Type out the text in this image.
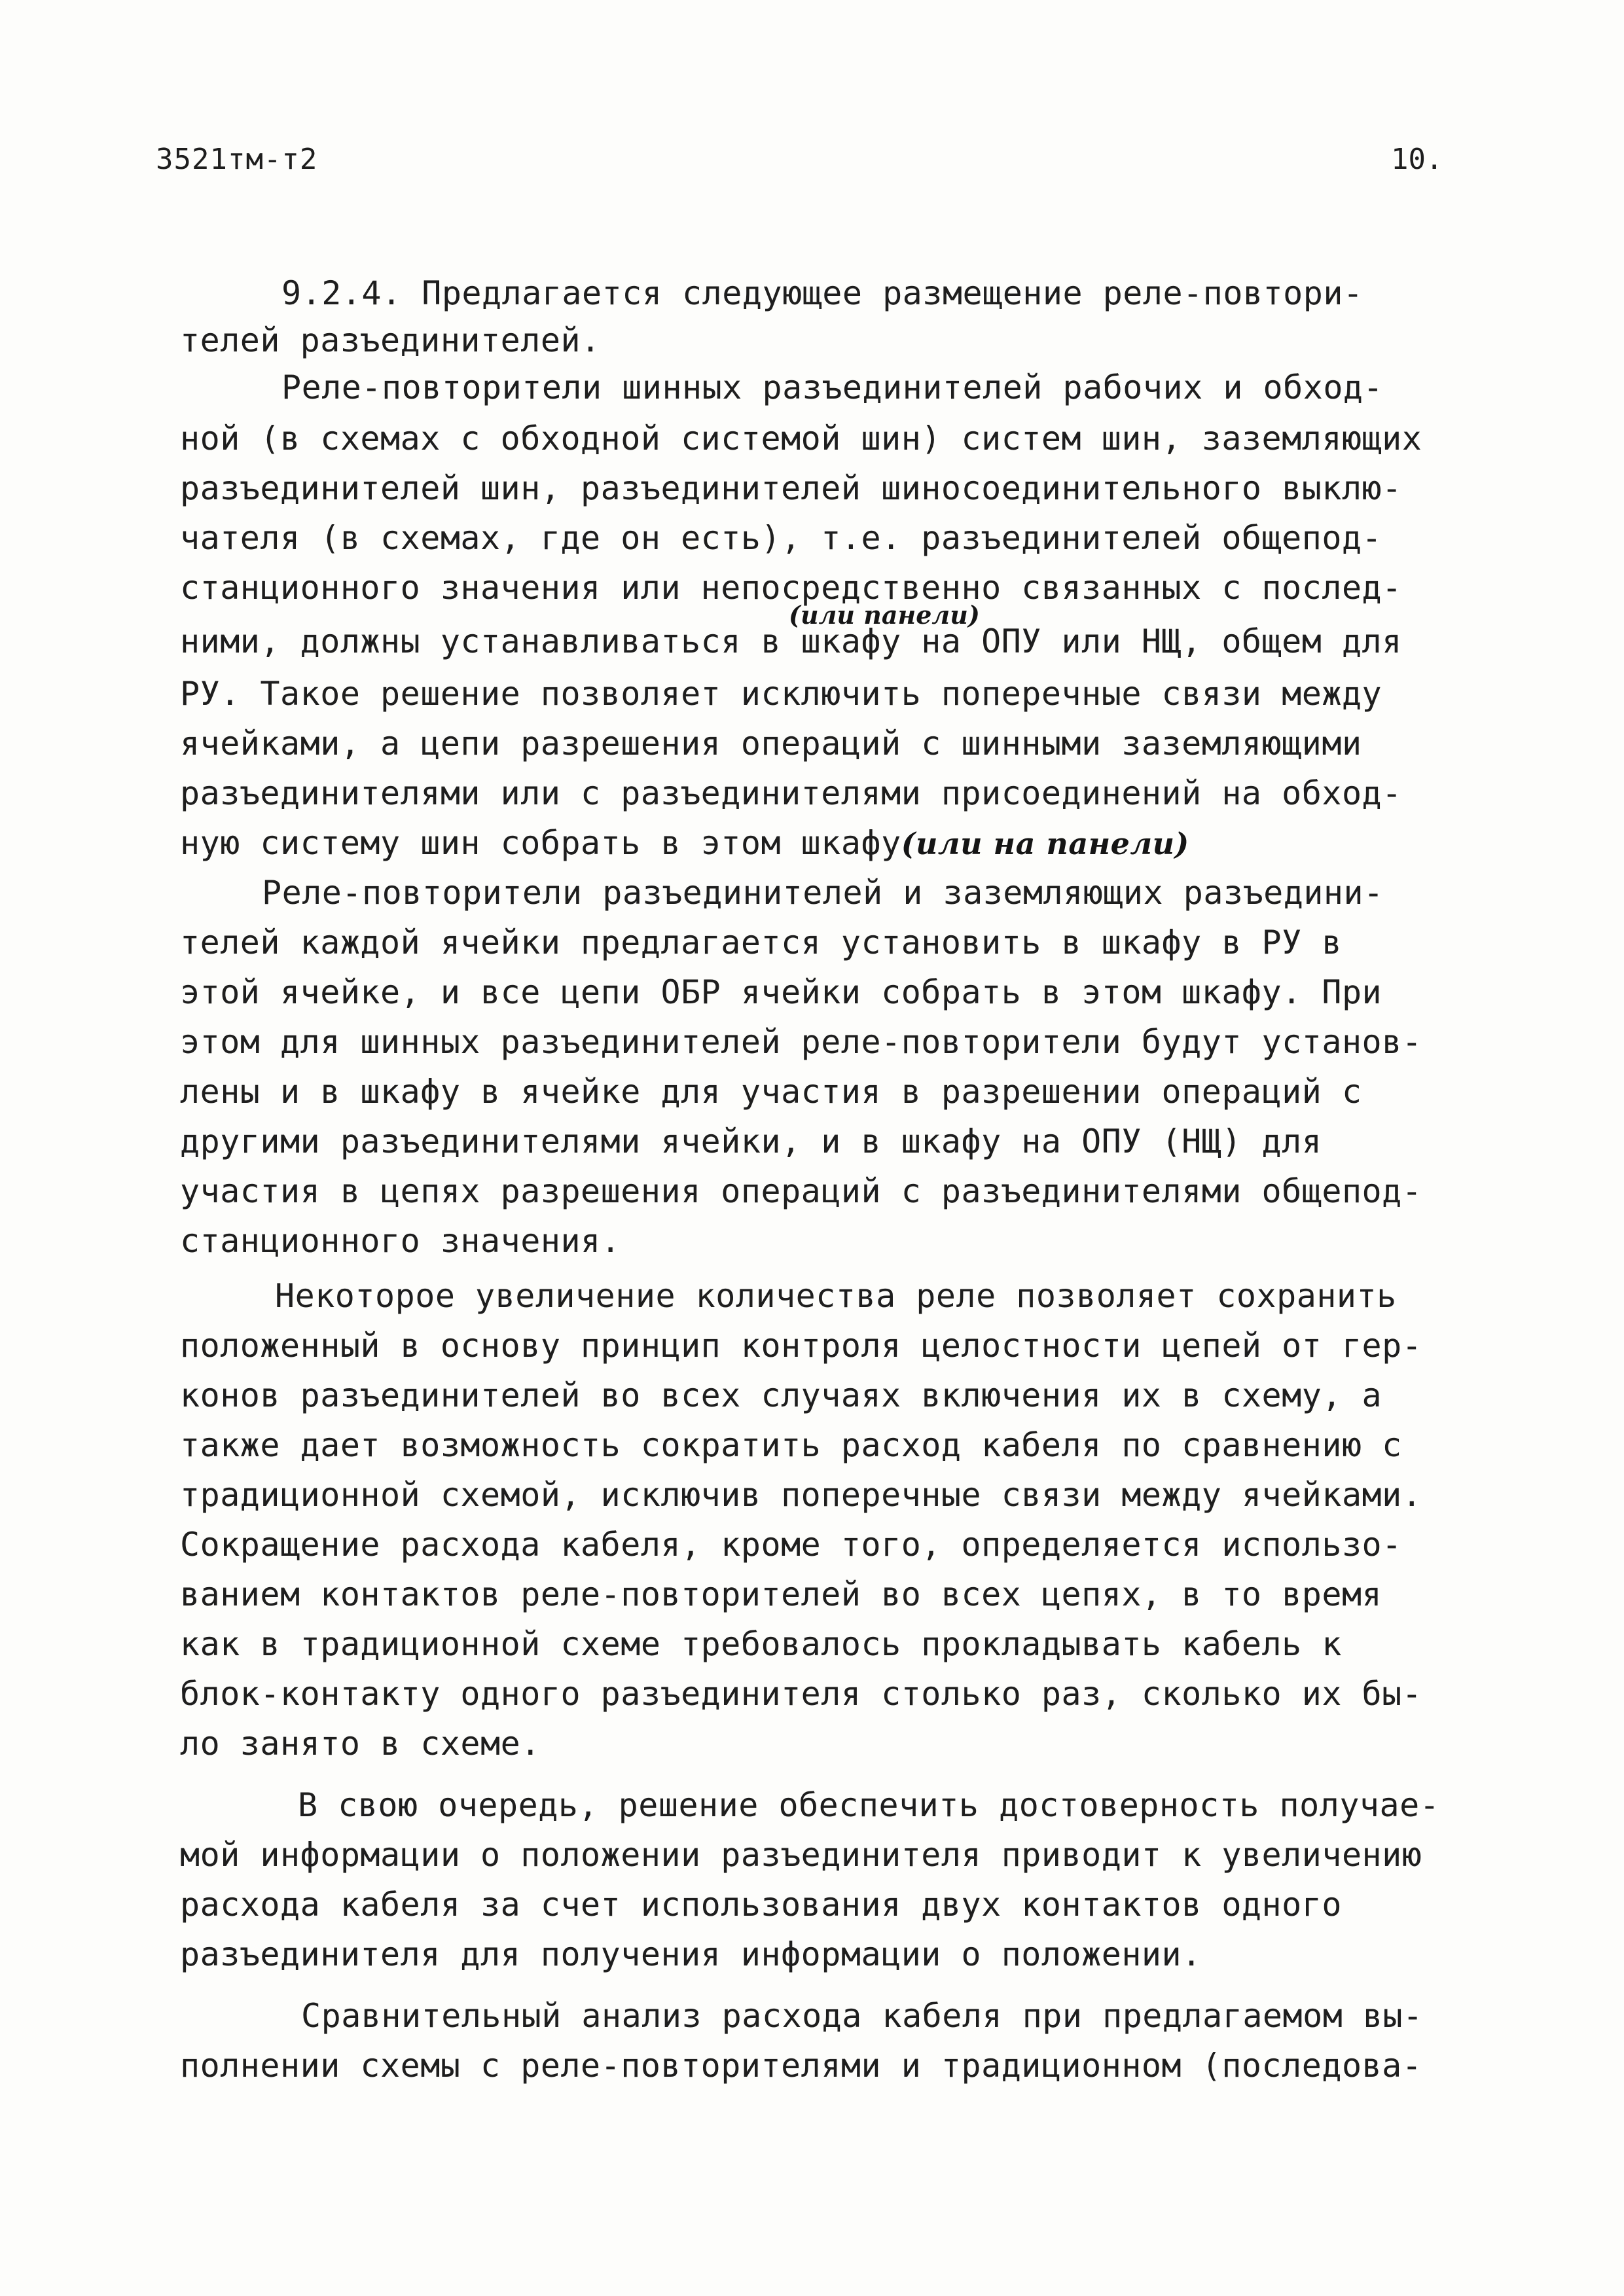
3521тм-т2	10.
9.2.4. Предлагается следующее размещение реле-повтори-
телей разъединителей.
Реле-повторители шинных разъединителей рабочих и обход-
ной (в схемах с обходной системой шин) систем шин, заземляющих
разъединителей шин, разъединителей шиносоединительного выклю-
чателя (в схемах, где он есть), т.е. разъединителей общепод-
станционного значения или непосредственно связанных с послед-
(или панели)
ними, должны устанавливаться в шкафу на ОПУ или НЩ, общем для
РУ. Такое решение позволяет исключить поперечные связи между
ячейками, а цепи разрешения операций с шинными заземляющими
разъединителями или с разъединителями присоединений на обход-
ную систему шин собрать в этом шкафу(или на панели)
Реле-повторители разъединителей и заземляющих разъедини-
телей каждой ячейки предлагается установить в шкафу в РУ в
этой ячейке, и все цепи ОБР ячейки собрать в этом шкафу. При
этом для шинных разъединителей реле-повторители будут установ-
лены и в шкафу в ячейке для участия в разрешении операций с
другими разъединителями ячейки, и в шкафу на ОПУ (НЩ) для
участия в цепях разрешения операций с разъединителями общепод-
станционного значения.
Некоторое увеличение количества реле позволяет сохранить
положенный в основу принцип контроля целостности цепей от гер-
конов разъединителей во всех случаях включения их в схему, а
также дает возможность сократить расход кабеля по сравнению с
традиционной схемой, исключив поперечные связи между ячейками.
Сокращение расхода кабеля, кроме того, определяется использо-
ванием контактов реле-повторителей во всех цепях, в то время
как в традиционной схеме требовалось прокладывать кабель к
блок-контакту одного разъединителя столько раз, сколько их бы-
ло занято в схеме.
В свою очередь, решение обеспечить достоверность получае-
мой информации о положении разъединителя приводит к увеличению
расхода кабеля за счет использования двух контактов одного
разъединителя для получения информации о положении.
Сравнительный анализ расхода кабеля при предлагаемом вы-
полнении схемы с реле-повторителями и традиционном (последова-
